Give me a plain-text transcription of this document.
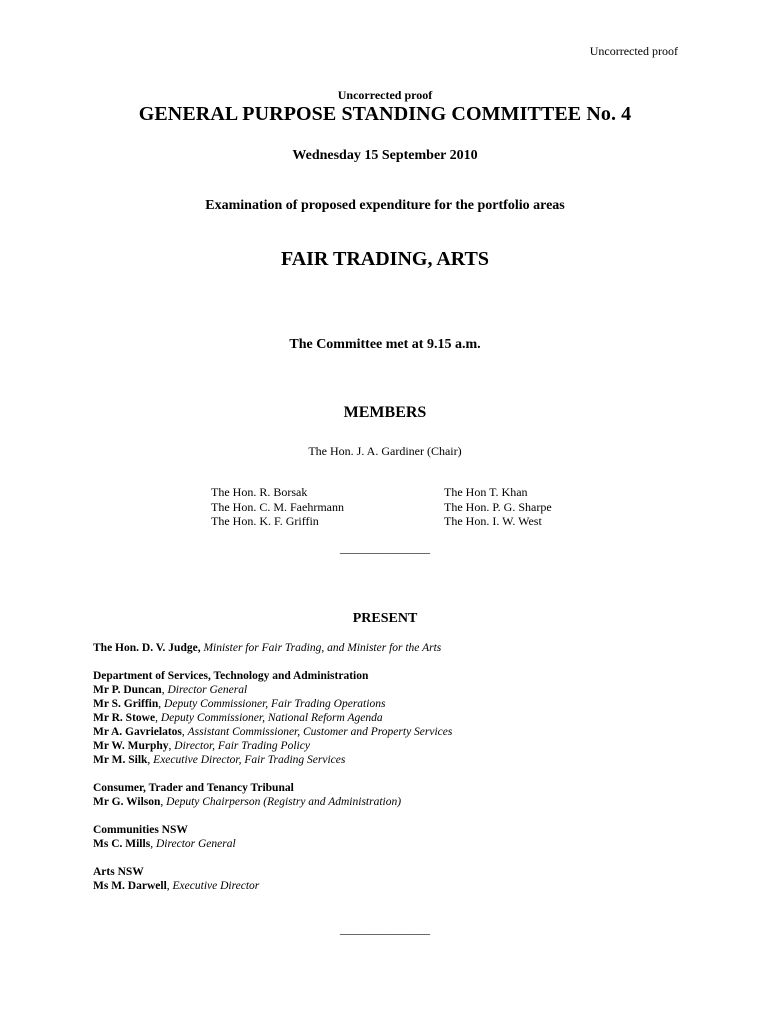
Uncorrected proof
Uncorrected proof
GENERAL PURPOSE STANDING COMMITTEE No. 4
Wednesday 15 September 2010
Examination of proposed expenditure for the portfolio areas
FAIR TRADING, ARTS
The Committee met at 9.15 a.m.
MEMBERS
The Hon. J. A. Gardiner (Chair)
The Hon. R. Borsak
The Hon. C. M. Faehrmann
The Hon. K. F. Griffin
The Hon T. Khan
The Hon. P. G. Sharpe
The Hon. I. W. West
_______________
PRESENT
The Hon. D. V. Judge, Minister for Fair Trading, and Minister for the Arts
Department of Services, Technology and Administration
Mr P. Duncan, Director General
Mr S. Griffin, Deputy Commissioner, Fair Trading Operations
Mr R. Stowe, Deputy Commissioner, National Reform Agenda
Mr A. Gavrielatos, Assistant Commissioner, Customer and Property Services
Mr W. Murphy, Director, Fair Trading Policy
Mr M. Silk, Executive Director, Fair Trading Services
Consumer, Trader and Tenancy Tribunal
Mr G. Wilson, Deputy Chairperson (Registry and Administration)
Communities NSW
Ms C. Mills, Director General
Arts NSW
Ms M. Darwell, Executive Director
_______________
